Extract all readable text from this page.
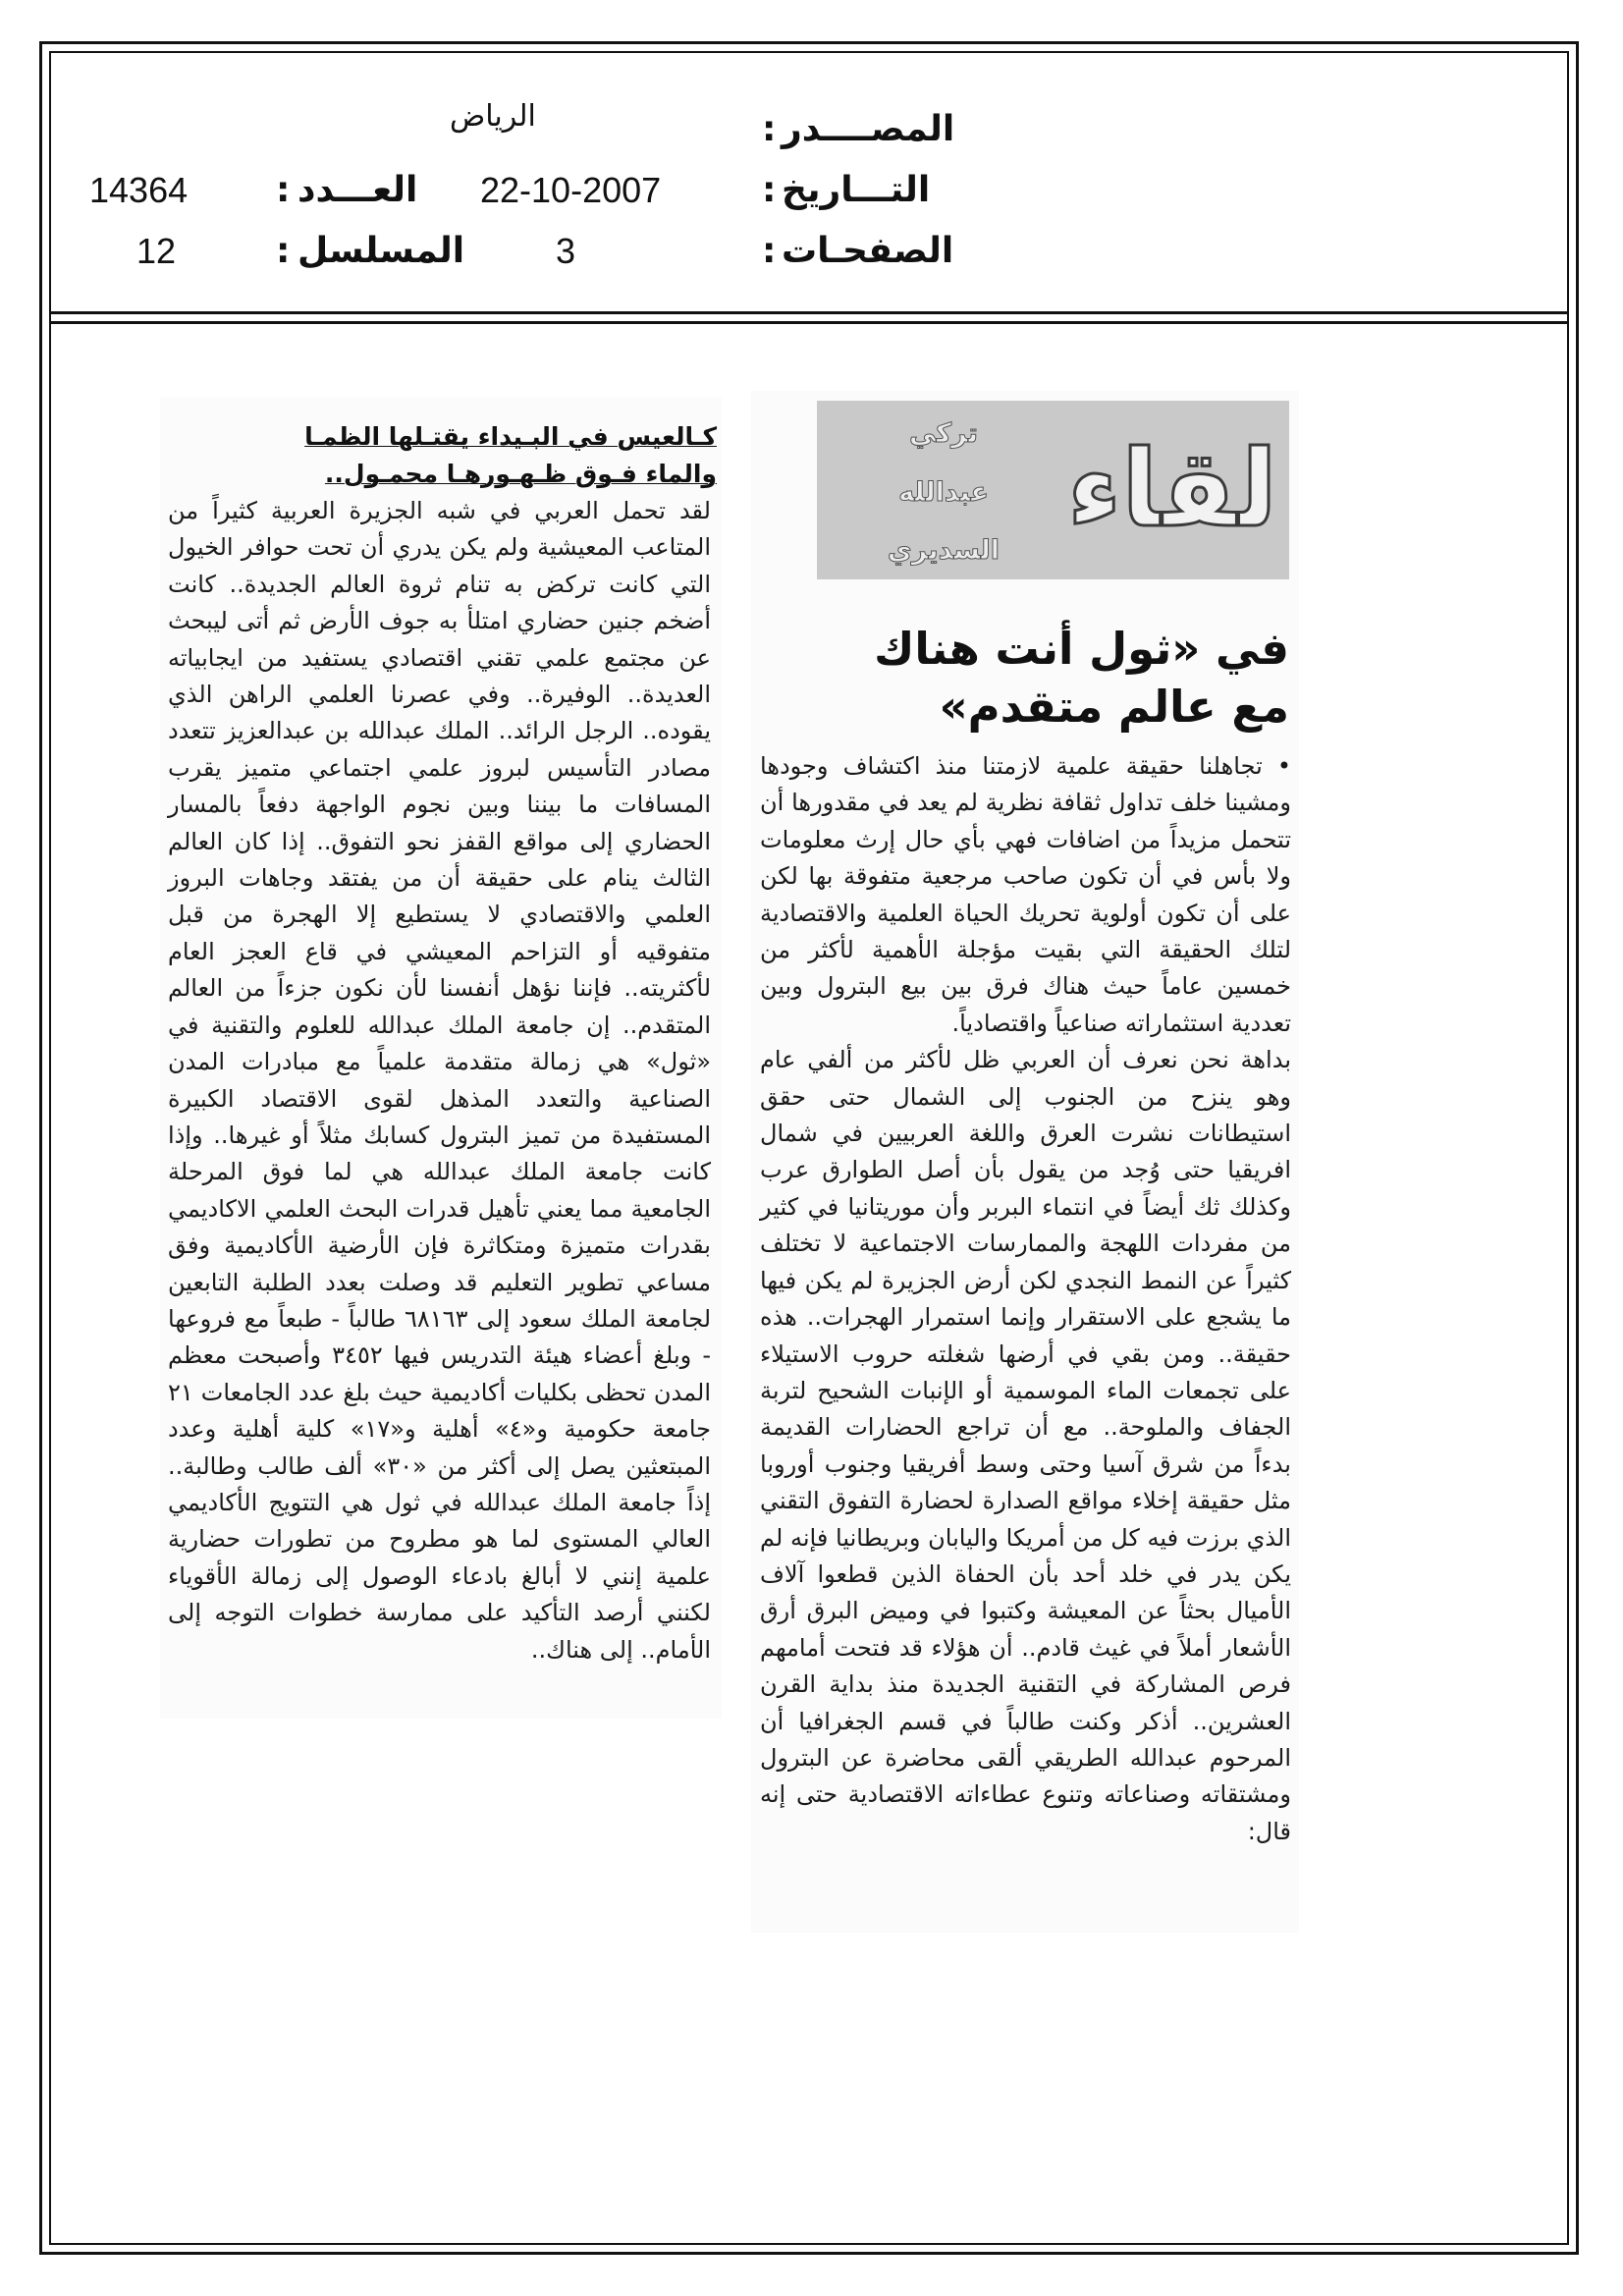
المصــــدر
:
الرياض
التـــاريخ
:
22-10-2007
الصفحـات
:
3
العـــدد
:
14364
المسلسل
:
12
لقاء
تركي
عبدالله
السديري
في «ثول أنت هناك
مع عالم متقدم»
كـالعيس في البـيداء يقتـلها الظمـا
والماء فـوق ظـهـورهـا محمـول..

لقد تحمل العربي في شبه الجزيرة العربية كثيراً من المتاعب المعيشية ولم يكن يدري أن تحت حوافر الخيول التي كانت تركض به تنام ثروة العالم الجديدة.. كانت أضخم جنين حضاري امتلأ به جوف الأرض ثم أتى ليبحث عن مجتمع علمي تقني اقتصادي يستفيد من ايجابياته العديدة.. الوفيرة.. وفي عصرنا العلمي الراهن الذي يقوده.. الرجل الرائد.. الملك عبدالله بن عبدالعزيز تتعدد مصادر التأسيس لبروز علمي اجتماعي متميز يقرب المسافات ما بيننا وبين نجوم الواجهة دفعاً بالمسار الحضاري إلى مواقع القفز نحو التفوق.. إذا كان العالم الثالث ينام على حقيقة أن من يفتقد وجاهات البروز العلمي والاقتصادي لا يستطيع إلا الهجرة من قبل متفوقيه أو التزاحم المعيشي في قاع العجز العام لأكثريته.. فإننا نؤهل أنفسنا لأن نكون جزءاً من العالم المتقدم.. إن جامعة الملك عبدالله للعلوم والتقنية في «ثول» هي زمالة متقدمة علمياً مع مبادرات المدن الصناعية والتعدد المذهل لقوى الاقتصاد الكبيرة المستفيدة من تميز البترول كسابك مثلاً أو غيرها.. وإذا كانت جامعة الملك عبدالله هي لما فوق المرحلة الجامعية مما يعني تأهيل قدرات البحث العلمي الاكاديمي بقدرات متميزة ومتكاثرة فإن الأرضية الأكاديمية وفق مساعي تطوير التعليم قد وصلت بعدد الطلبة التابعين لجامعة الملك سعود إلى ٦٨١٦٣ طالباً - طبعاً مع فروعها - وبلغ أعضاء هيئة التدريس فيها ٣٤٥٢ وأصبحت معظم المدن تحظى بكليات أكاديمية حيث بلغ عدد الجامعات ٢١ جامعة حكومية و«٤» أهلية و«١٧» كلية أهلية وعدد المبتعثين يصل إلى أكثر من «٣٠» ألف طالب وطالبة.. إذاً جامعة الملك عبدالله في ثول هي التتويج الأكاديمي العالي المستوى لما هو مطروح من تطورات حضارية علمية إنني لا أبالغ بادعاء الوصول إلى زمالة الأقوياء لكنني أرصد التأكيد على ممارسة خطوات التوجه إلى الأمام.. إلى هناك..

• تجاهلنا حقيقة علمية لازمتنا منذ اكتشاف وجودها ومشينا خلف تداول ثقافة نظرية لم يعد في مقدورها أن تتحمل مزيداً من اضافات فهي بأي حال إرث معلومات ولا بأس في أن تكون صاحب مرجعية متفوقة بها لكن على أن تكون أولوية تحريك الحياة العلمية والاقتصادية لتلك الحقيقة التي بقيت مؤجلة الأهمية لأكثر من خمسين عاماً حيث هناك فرق بين بيع البترول وبين تعددية استثماراته صناعياً واقتصادياً.

بداهة نحن نعرف أن العربي ظل لأكثر من ألفي عام وهو ينزح من الجنوب إلى الشمال حتى حقق استيطانات نشرت العرق واللغة العربيين في شمال افريقيا حتى وُجد من يقول بأن أصل الطوارق عرب وكذلك ثك أيضاً في انتماء البربر وأن موريتانيا في كثير من مفردات اللهجة والممارسات الاجتماعية لا تختلف كثيراً عن النمط النجدي لكن أرض الجزيرة لم يكن فيها ما يشجع على الاستقرار وإنما استمرار الهجرات.. هذه حقيقة.. ومن بقي في أرضها شغلته حروب الاستيلاء على تجمعات الماء الموسمية أو الإنبات الشحيح لتربة الجفاف والملوحة.. مع أن تراجع الحضارات القديمة بدءاً من شرق آسيا وحتى وسط أفريقيا وجنوب أوروبا مثل حقيقة إخلاء مواقع الصدارة لحضارة التفوق التقني الذي برزت فيه كل من أمريكا واليابان وبريطانيا فإنه لم يكن يدر في خلد أحد بأن الحفاة الذين قطعوا آلاف الأميال بحثاً عن المعيشة وكتبوا في وميض البرق أرق الأشعار أملاً في غيث قادم.. أن هؤلاء قد فتحت أمامهم فرص المشاركة في التقنية الجديدة منذ بداية القرن العشرين.. أذكر وكنت طالباً في قسم الجغرافيا أن المرحوم عبدالله الطريقي ألقى محاضرة عن البترول ومشتقاته وصناعاته وتنوع عطاءاته الاقتصادية حتى إنه قال:
